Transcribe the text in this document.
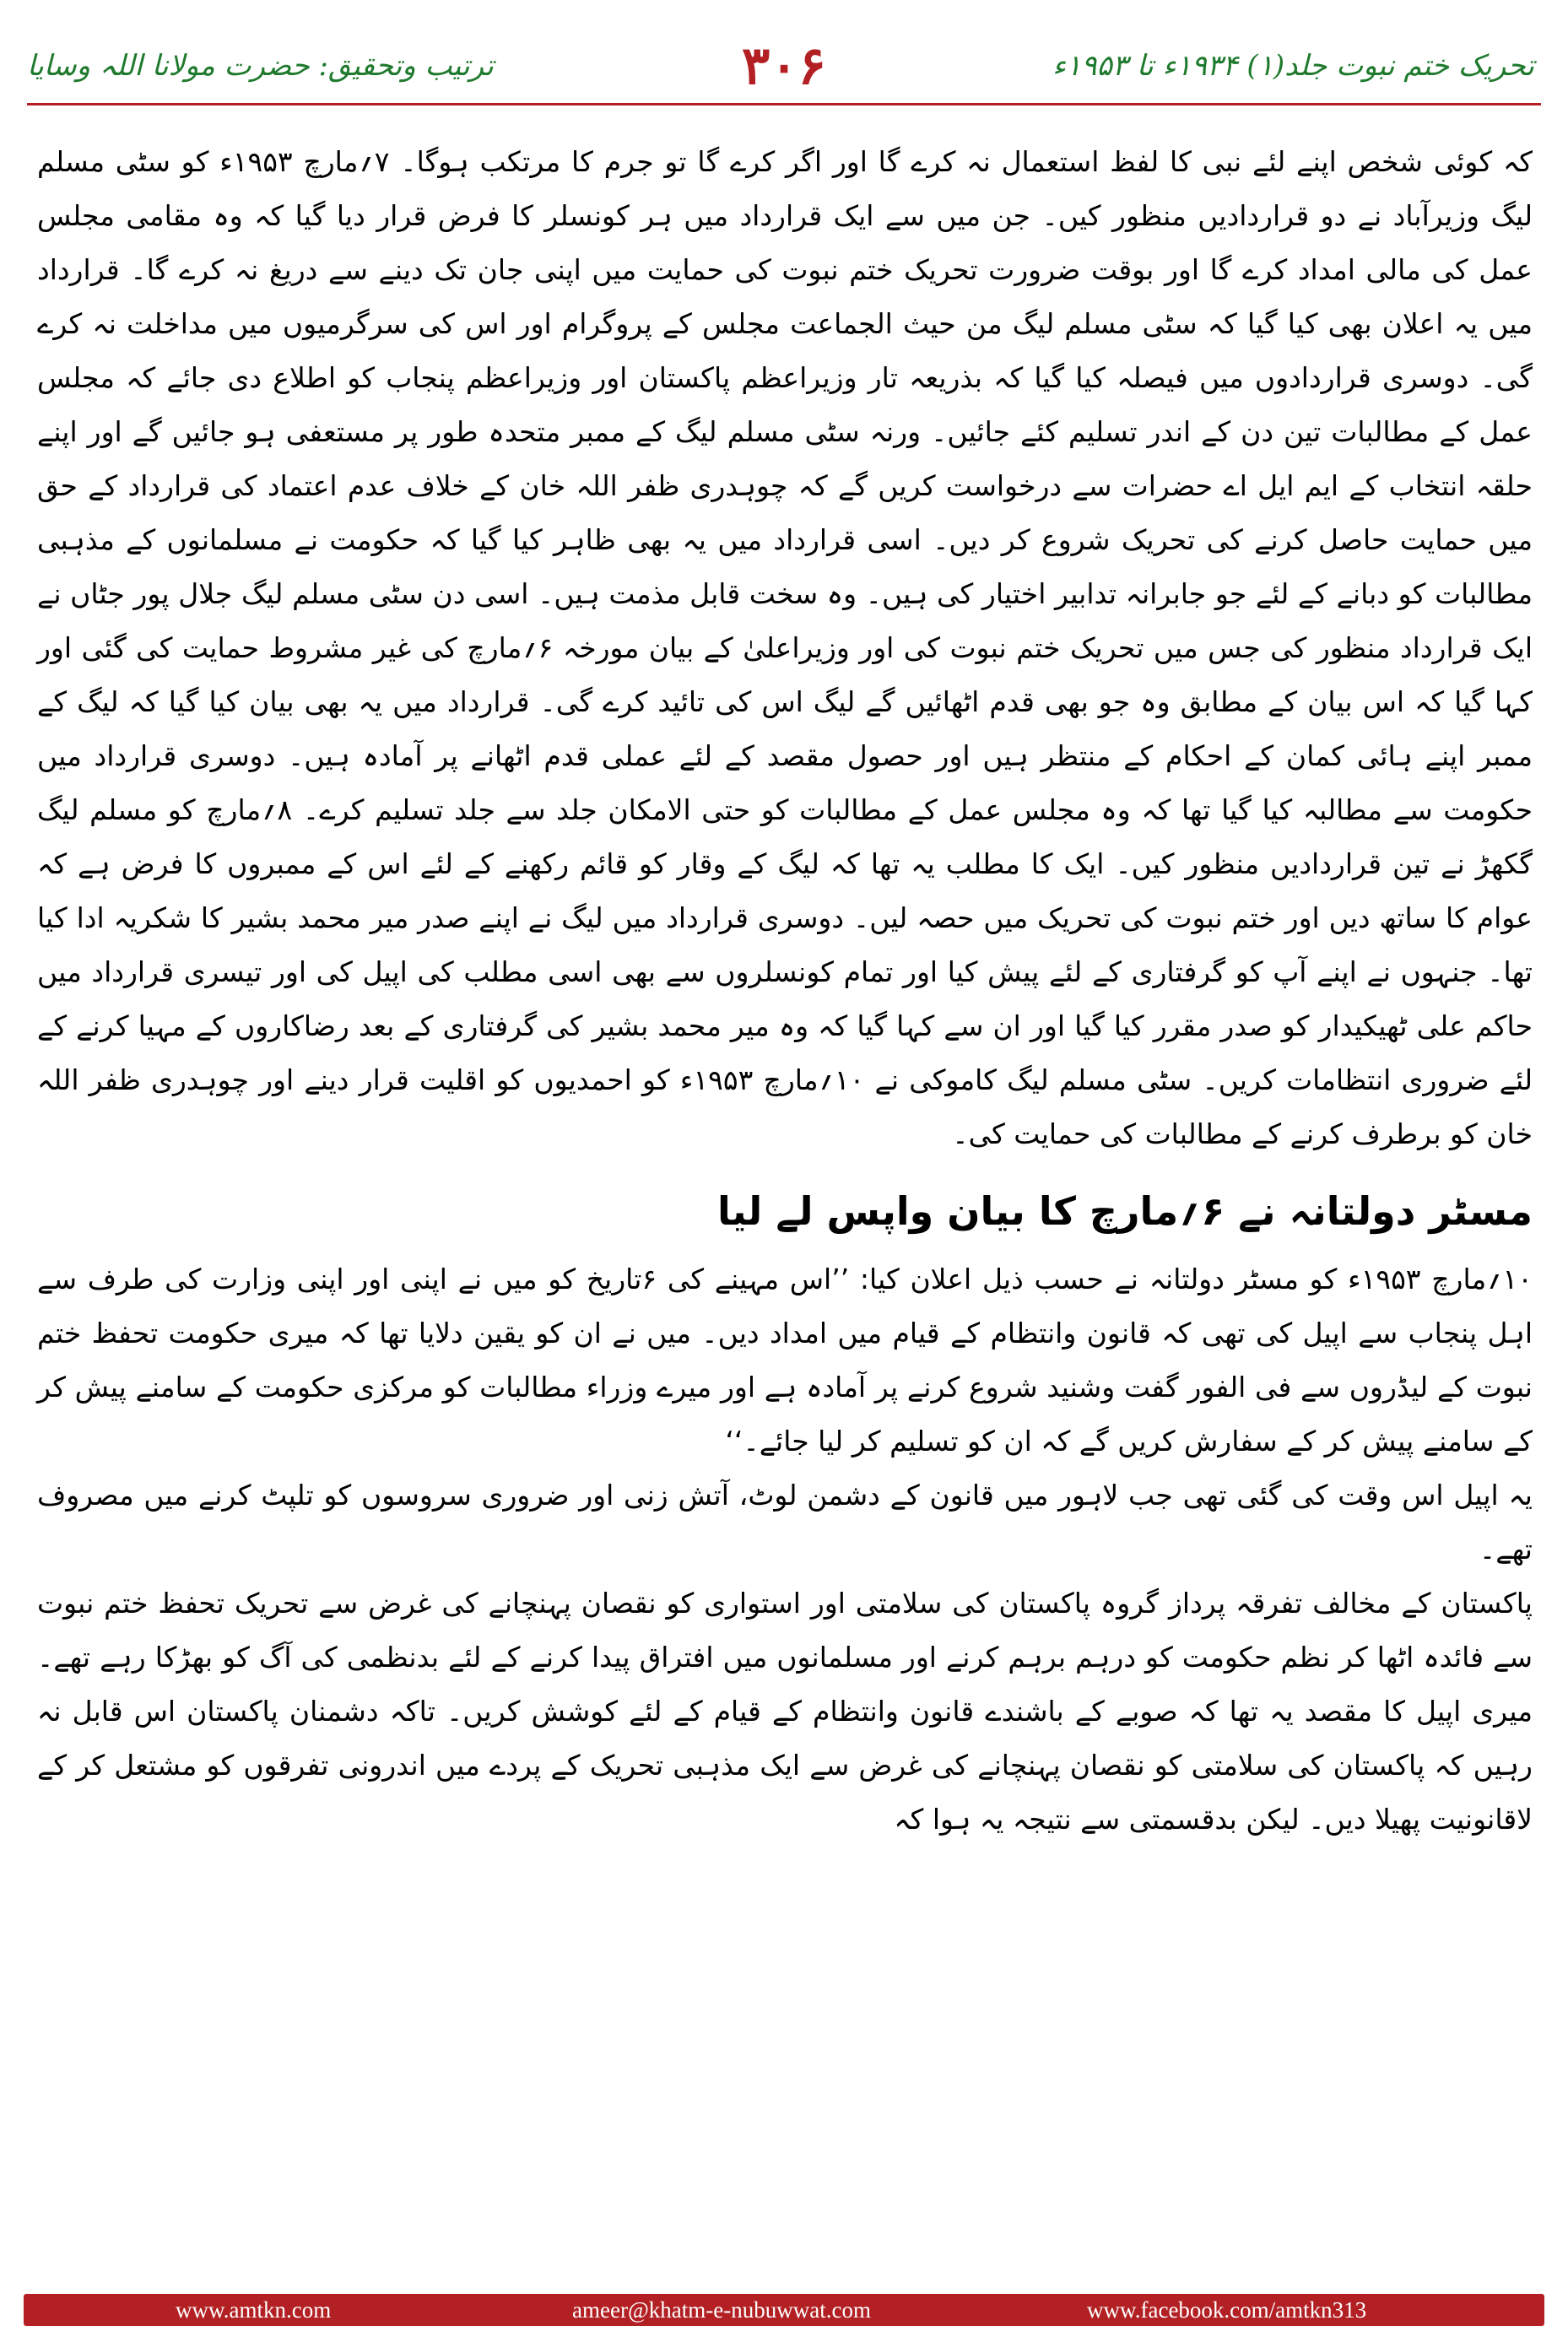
ترتیب وتحقیق: حضرت مولانا اللہ وسایا	۳۰۶	تحریک ختم نبوت جلد(۱) ۱۹۳۴ء تا ۱۹۵۳ء

کہ کوئی شخص اپنے لئے نبی کا لفظ استعمال نہ کرے گا اور اگر کرے گا تو جرم کا مرتکب ہوگا۔ ۷؍مارچ ۱۹۵۳ء کو سٹی مسلم لیگ وزیرآباد نے دو قراردادیں منظور کیں۔ جن میں سے ایک قرارداد میں ہر کونسلر کا فرض قرار دیا گیا کہ وہ مقامی مجلس عمل کی مالی امداد کرے گا اور بوقت ضرورت تحریک ختم نبوت کی حمایت میں اپنی جان تک دینے سے دریغ نہ کرے گا۔ قرارداد میں یہ اعلان بھی کیا گیا کہ سٹی مسلم لیگ من حیث الجماعت مجلس کے پروگرام اور اس کی سرگرمیوں میں مداخلت نہ کرے گی۔ دوسری قراردادوں میں فیصلہ کیا گیا کہ بذریعہ تار وزیراعظم پاکستان اور وزیراعظم پنجاب کو اطلاع دی جائے کہ مجلس عمل کے مطالبات تین دن کے اندر تسلیم کئے جائیں۔ ورنہ سٹی مسلم لیگ کے ممبر متحدہ طور پر مستعفی ہو جائیں گے اور اپنے حلقہ انتخاب کے ایم ایل اے حضرات سے درخواست کریں گے کہ چوہدری ظفر اللہ خان کے خلاف عدم اعتماد کی قرارداد کے حق میں حمایت حاصل کرنے کی تحریک شروع کر دیں۔ اسی قرارداد میں یہ بھی ظاہر کیا گیا کہ حکومت نے مسلمانوں کے مذہبی مطالبات کو دبانے کے لئے جو جابرانہ تدابیر اختیار کی ہیں۔ وہ سخت قابل مذمت ہیں۔ اسی دن سٹی مسلم لیگ جلال پور جٹاں نے ایک قرارداد منظور کی جس میں تحریک ختم نبوت کی اور وزیراعلیٰ کے بیان مورخہ ۶؍مارچ کی غیر مشروط حمایت کی گئی اور کہا گیا کہ اس بیان کے مطابق وہ جو بھی قدم اٹھائیں گے لیگ اس کی تائید کرے گی۔ قرارداد میں یہ بھی بیان کیا گیا کہ لیگ کے ممبر اپنے ہائی کمان کے احکام کے منتظر ہیں اور حصول مقصد کے لئے عملی قدم اٹھانے پر آمادہ ہیں۔ دوسری قرارداد میں حکومت سے مطالبہ کیا گیا تھا کہ وہ مجلس عمل کے مطالبات کو حتی الامکان جلد سے جلد تسلیم کرے۔ ۸؍مارچ کو مسلم لیگ گکھڑ نے تین قراردادیں منظور کیں۔ ایک کا مطلب یہ تھا کہ لیگ کے وقار کو قائم رکھنے کے لئے اس کے ممبروں کا فرض ہے کہ عوام کا ساتھ دیں اور ختم نبوت کی تحریک میں حصہ لیں۔ دوسری قرارداد میں لیگ نے اپنے صدر میر محمد بشیر کا شکریہ ادا کیا تھا۔ جنہوں نے اپنے آپ کو گرفتاری کے لئے پیش کیا اور تمام کونسلروں سے بھی اسی مطلب کی اپیل کی اور تیسری قرارداد میں حاکم علی ٹھیکیدار کو صدر مقرر کیا گیا اور ان سے کہا گیا کہ وہ میر محمد بشیر کی گرفتاری کے بعد رضاکاروں کے مہیا کرنے کے لئے ضروری انتظامات کریں۔ سٹی مسلم لیگ کاموکی نے ۱۰؍مارچ ۱۹۵۳ء کو احمدیوں کو اقلیت قرار دینے اور چوہدری ظفر اللہ خان کو برطرف کرنے کے مطالبات کی حمایت کی۔

مسٹر دولتانہ نے ۶؍مارچ کا بیان واپس لے لیا

۱۰؍مارچ ۱۹۵۳ء کو مسٹر دولتانہ نے حسب ذیل اعلان کیا: ’’اس مہینے کی ۶تاریخ کو میں نے اپنی اور اپنی وزارت کی طرف سے اہل پنجاب سے اپیل کی تھی کہ قانون وانتظام کے قیام میں امداد دیں۔ میں نے ان کو یقین دلایا تھا کہ میری حکومت تحفظ ختم نبوت کے لیڈروں سے فی الفور گفت وشنید شروع کرنے پر آمادہ ہے اور میرے وزراء مطالبات کو مرکزی حکومت کے سامنے پیش کر کے سامنے پیش کر کے سفارش کریں گے کہ ان کو تسلیم کر لیا جائے۔‘‘

یہ اپیل اس وقت کی گئی تھی جب لاہور میں قانون کے دشمن لوٹ، آتش زنی اور ضروری سروسوں کو تلپٹ کرنے میں مصروف تھے۔

پاکستان کے مخالف تفرقہ پرداز گروہ پاکستان کی سلامتی اور استواری کو نقصان پہنچانے کی غرض سے تحریک تحفظ ختم نبوت سے فائدہ اٹھا کر نظم حکومت کو درہم برہم کرنے اور مسلمانوں میں افتراق پیدا کرنے کے لئے بدنظمی کی آگ کو بھڑکا رہے تھے۔ میری اپیل کا مقصد یہ تھا کہ صوبے کے باشندے قانون وانتظام کے قیام کے لئے کوشش کریں۔ تاکہ دشمنان پاکستان اس قابل نہ رہیں کہ پاکستان کی سلامتی کو نقصان پہنچانے کی غرض سے ایک مذہبی تحریک کے پردے میں اندرونی تفرقوں کو مشتعل کر کے لاقانونیت پھیلا دیں۔ لیکن بدقسمتی سے نتیجہ یہ ہوا کہ

www.amtkn.com	ameer@khatm-e-nubuwwat.com	www.facebook.com/amtkn313
